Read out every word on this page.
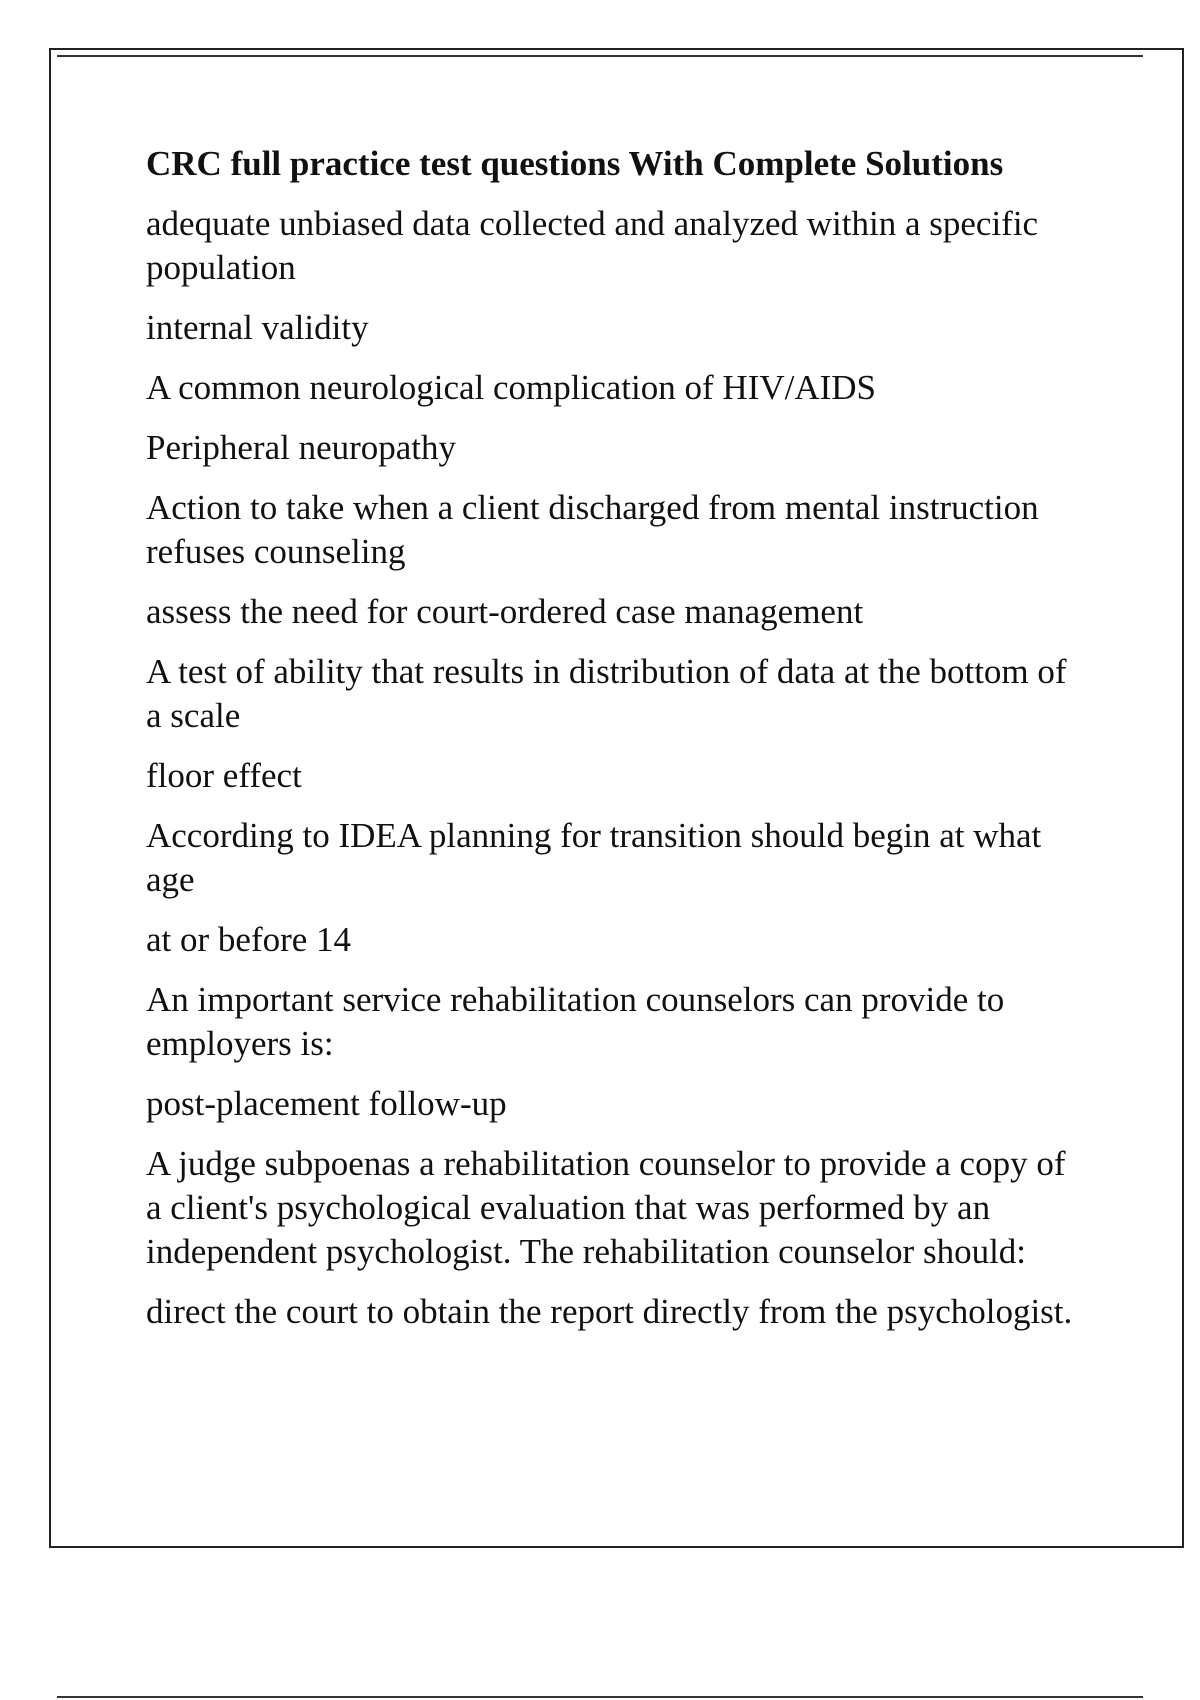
CRC full practice test questions With Complete Solutions

adequate unbiased data collected and analyzed within a specific population

internal validity

A common neurological complication of HIV/AIDS

Peripheral neuropathy

Action to take when a client discharged from mental instruction refuses counseling

assess the need for court-ordered case management

A test of ability that results in distribution of data at the bottom of a scale

floor effect

According to IDEA planning for transition should begin at what age

at or before 14

An important service rehabilitation counselors can provide to employers is:

post-placement follow-up

A judge subpoenas a rehabilitation counselor to provide a copy of a client's psychological evaluation that was performed by an independent psychologist. The rehabilitation counselor should:

direct the court to obtain the report directly from the psychologist.
